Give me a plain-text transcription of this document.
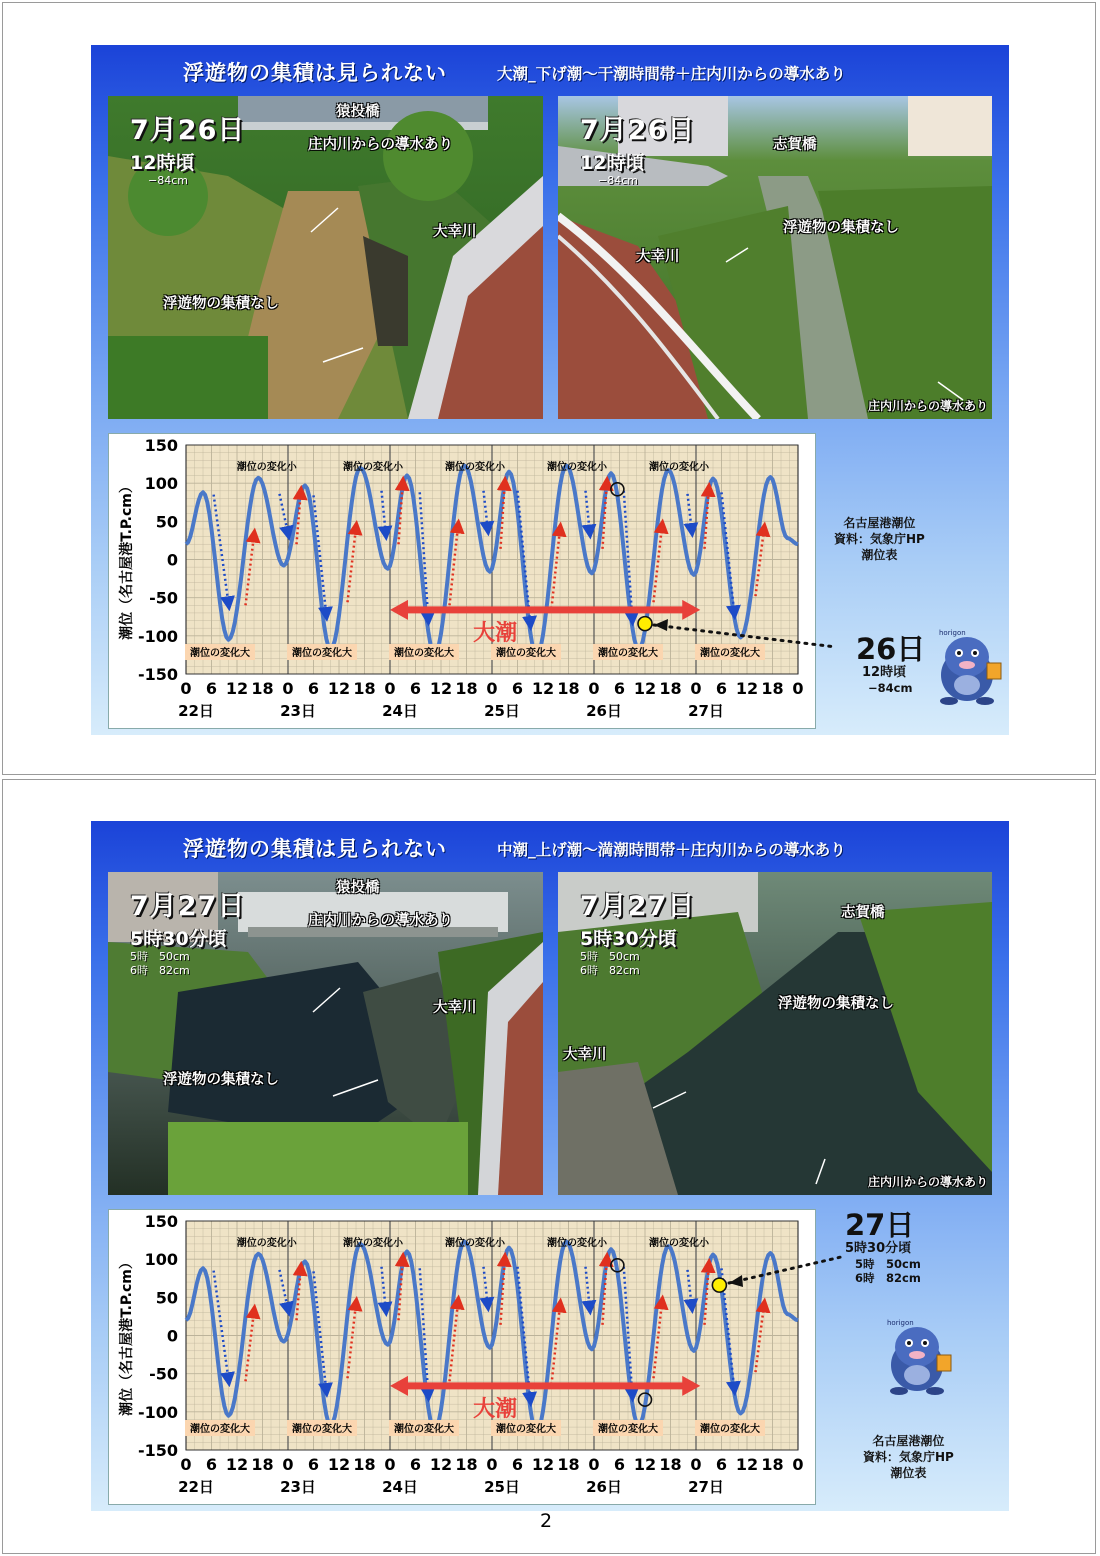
浮遊物の集積は見られない	大潮_下げ潮～干潮時間帯＋庄内川からの導水あり
7月26日
12時頃
−84cm
猿投橋
庄内川からの導水あり
大幸川
浮遊物の集積なし
7月26日
12時頃
−84cm
志賀橋
浮遊物の集積なし
大幸川
庄内川からの導水あり
150
100
50
0
-50
-100
-150
潮位（名古屋港T.P.cm）
0 6 12 18 0 6 12 18 0 6 12 18 0 6 12 18 0 6 12 18 0 6 12 18 0
22日	23日	24日	25日	26日	27日
潮位の変化小	潮位の変化小	潮位の変化小	潮位の変化小	潮位の変化小
潮位の変化大	潮位の変化大	潮位の変化大	潮位の変化大	潮位の変化大	潮位の変化大
大潮
名古屋港潮位
資料：気象庁HP
潮位表
26日
12時頃
−84cm
horigon
浮遊物の集積は見られない	中潮_上げ潮～満潮時間帯＋庄内川からの導水あり
7月27日
5時30分頃
5時　50cm
6時　82cm
猿投橋
庄内川からの導水あり
大幸川
浮遊物の集積なし
7月27日
5時30分頃
5時　50cm
6時　82cm
志賀橋
浮遊物の集積なし
大幸川
庄内川からの導水あり
150
100
50
0
-50
-100
-150
潮位（名古屋港T.P.cm）
0 6 12 18 0 6 12 18 0 6 12 18 0 6 12 18 0 6 12 18 0 6 12 18 0
22日	23日	24日	25日	26日	27日
潮位の変化小	潮位の変化小	潮位の変化小	潮位の変化小	潮位の変化小
潮位の変化大	潮位の変化大	潮位の変化大	潮位の変化大	潮位の変化大	潮位の変化大
大潮
27日
5時30分頃
5時　50cm
6時　82cm
horigon
名古屋港潮位
資料：気象庁HP
潮位表
2
